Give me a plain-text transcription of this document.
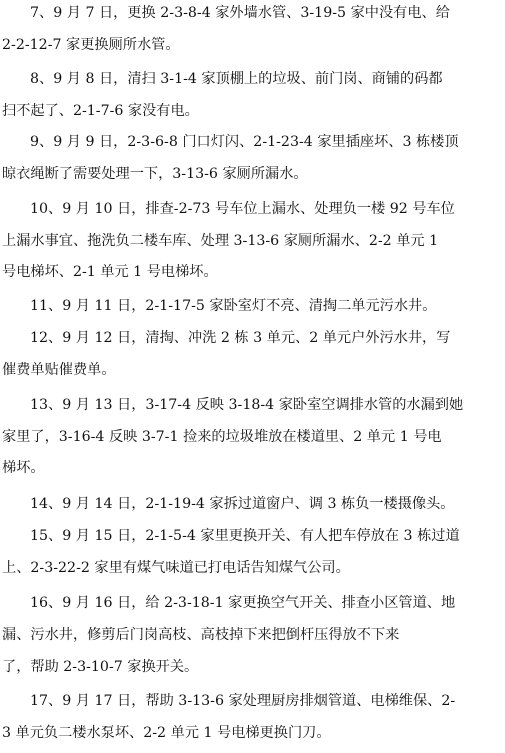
7、9 月 7 日，更换 2-3-8-4 家外墙水管、3-19-5 家中没有电、给
2-2-12-7 家更换厕所水管。
8、9 月 8 日，清扫 3-1-4 家顶棚上的垃圾、前门岗、商铺的码都
扫不起了、2-1-7-6 家没有电。
9、9 月 9 日，2-3-6-8 门口灯闪、2-1-23-4 家里插座坏、3 栋楼顶
晾衣绳断了需要处理一下，3-13-6 家厕所漏水。
10、9 月 10 日，排查-2-73 号车位上漏水、处理负一楼 92 号车位
上漏水事宜、拖洗负二楼车库、处理 3-13-6 家厕所漏水、2-2 单元 1
号电梯坏、2-1 单元 1 号电梯坏。
11、9 月 11 日，2-1-17-5 家卧室灯不亮、清掏二单元污水井。
12、9 月 12 日，清掏、冲洗 2 栋 3 单元、2 单元户外污水井，写
催费单贴催费单。
13、9 月 13 日，3-17-4 反映 3-18-4 家卧室空调排水管的水漏到她
家里了，3-16-4 反映 3-7-1 捡来的垃圾堆放在楼道里、2 单元 1 号电
梯坏。
14、9 月 14 日，2-1-19-4 家拆过道窗户、调 3 栋负一楼摄像头。
15、9 月 15 日，2-1-5-4 家里更换开关、有人把车停放在 3 栋过道
上、2-3-22-2 家里有煤气味道已打电话告知煤气公司。
16、9 月 16 日，给 2-3-18-1 家更换空气开关、排查小区管道、地
漏、污水井，修剪后门岗高枝、高枝掉下来把倒杆压得放不下来
了，帮助 2-3-10-7 家换开关。
17、9 月 17 日，帮助 3-13-6 家处理厨房排烟管道、电梯维保、2-
3 单元负二楼水泵坏、2-2 单元 1 号电梯更换门刀。
